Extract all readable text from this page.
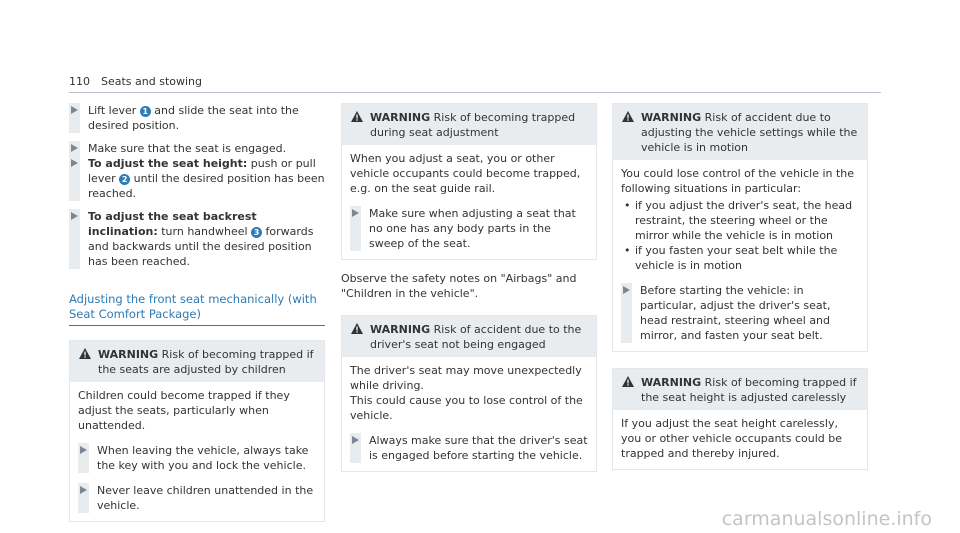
110 Seats and stowing
Lift lever 1 and slide the seat into the desired position.
Make sure that the seat is engaged.
To adjust the seat height: push or pull lever 2 until the desired position has been reached.
To adjust the seat backrest inclination: turn handwheel 3 forwards and backwards until the desired position has been reached.
Adjusting the front seat mechanically (with Seat Comfort Package)
WARNING Risk of becoming trapped if the seats are adjusted by children

Children could become trapped if they adjust the seats, particularly when unattended.

When leaving the vehicle, always take the key with you and lock the vehicle.
Never leave children unattended in the vehicle.
WARNING Risk of becoming trapped during seat adjustment

When you adjust a seat, you or other vehicle occupants could become trapped, e.g. on the seat guide rail.

Make sure when adjusting a seat that no one has any body parts in the sweep of the seat.

Observe the safety notes on "Airbags" and "Children in the vehicle".

WARNING Risk of accident due to the driver's seat not being engaged

The driver's seat may move unexpectedly while driving.

This could cause you to lose control of the vehicle.

Always make sure that the driver's seat is engaged before starting the vehicle.
WARNING Risk of accident due to adjusting the vehicle settings while the vehicle is in motion

You could lose control of the vehicle in the following situations in particular:

• if you adjust the driver's seat, the head restraint, the steering wheel or the mirror while the vehicle is in motion
• if you fasten your seat belt while the vehicle is in motion
Before starting the vehicle: in particular, adjust the driver's seat, head restraint, steering wheel and mirror, and fasten your seat belt.
WARNING Risk of becoming trapped if the seat height is adjusted carelessly

If you adjust the seat height carelessly, you or other vehicle occupants could be trapped and thereby injured.

carmanualsonline.info
